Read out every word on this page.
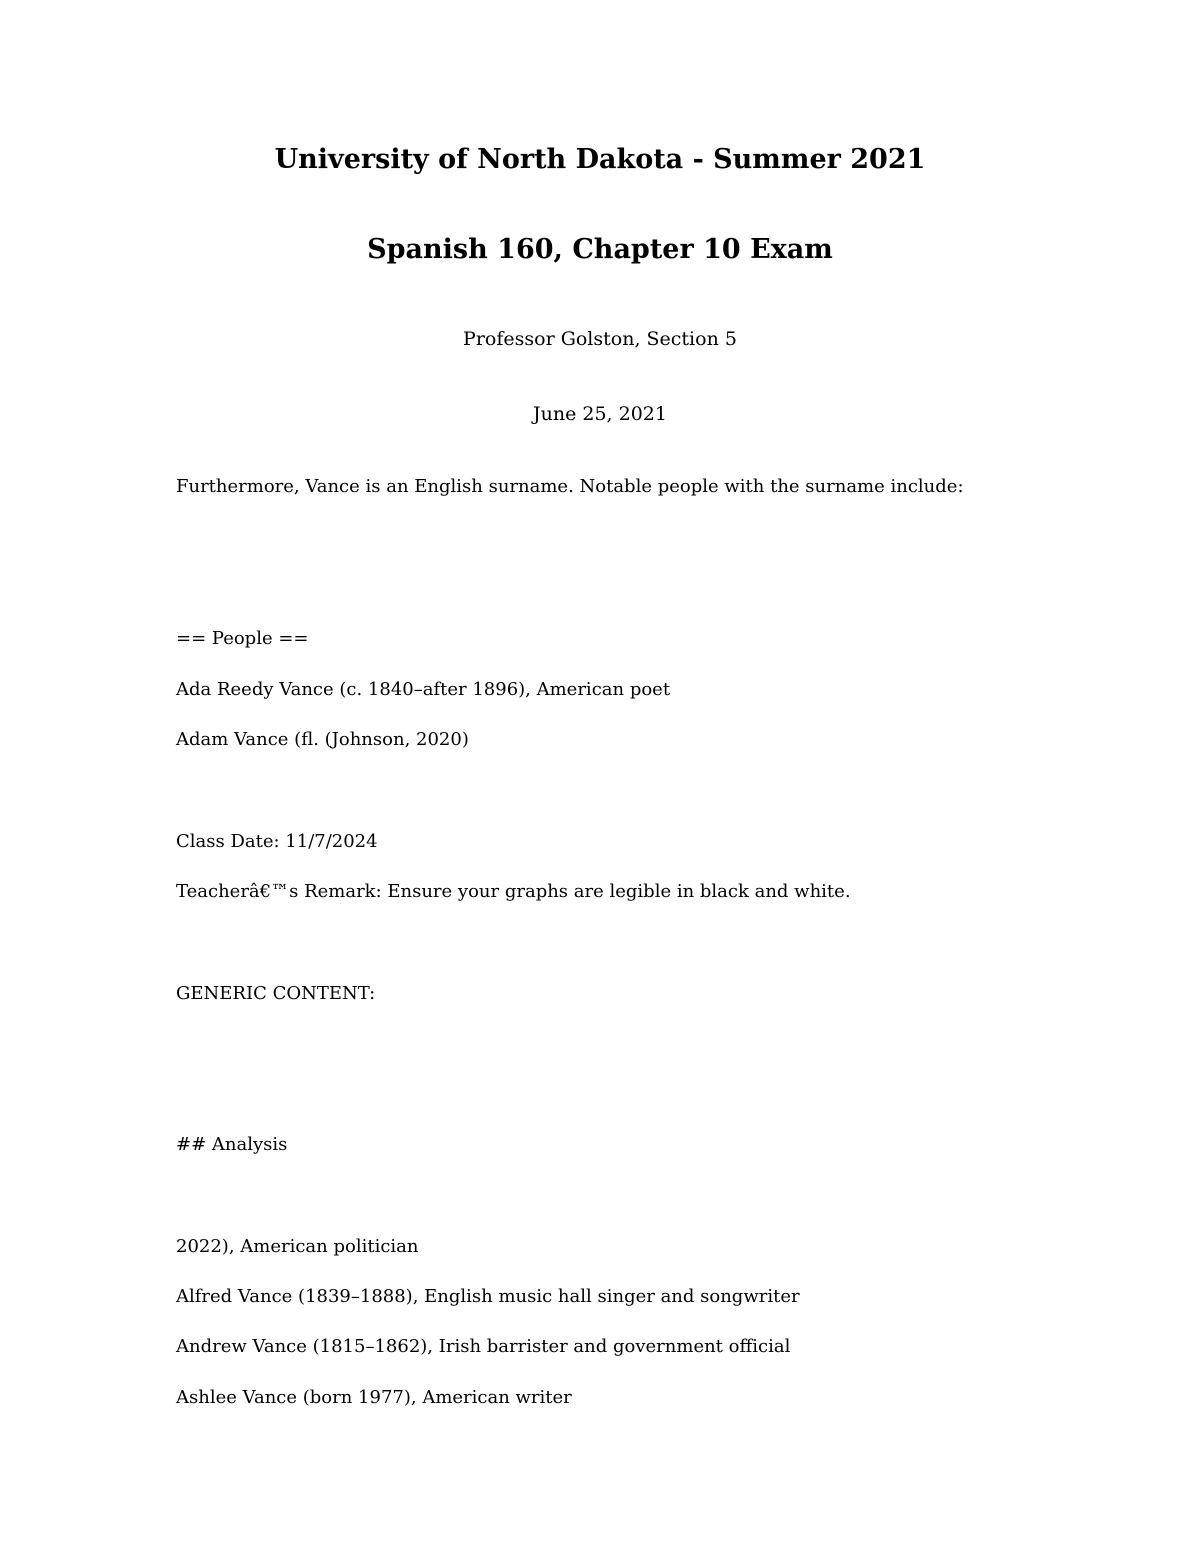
University of North Dakota - Summer 2021
Spanish 160, Chapter 10 Exam
Professor Golston, Section 5
June 25, 2021
Furthermore, Vance is an English surname. Notable people with the surname include:
== People ==
Ada Reedy Vance (c. 1840–after 1896), American poet
Adam Vance (fl. (Johnson, 2020)
Class Date: 11/7/2024
Teacherâ€™s Remark: Ensure your graphs are legible in black and white.
GENERIC CONTENT:
## Analysis
2022), American politician
Alfred Vance (1839–1888), English music hall singer and songwriter
Andrew Vance (1815–1862), Irish barrister and government official
Ashlee Vance (born 1977), American writer
